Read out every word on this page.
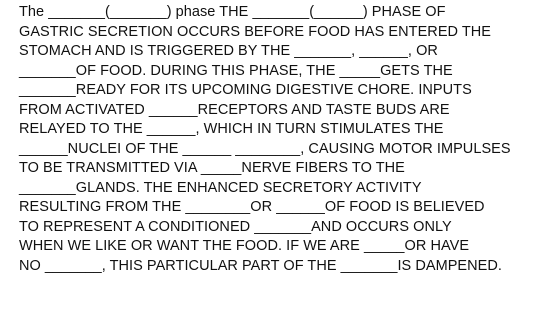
The _______(_______) phase THE _______(______) PHASE OF
GASTRIC SECRETION OCCURS BEFORE FOOD HAS ENTERED THE
STOMACH AND IS TRIGGERED BY THE _______, ______, OR
_______OF FOOD. DURING THIS PHASE, THE _____GETS THE
_______READY FOR ITS UPCOMING DIGESTIVE CHORE. INPUTS
FROM ACTIVATED ______RECEPTORS AND TASTE BUDS ARE
RELAYED TO THE ______, WHICH IN TURN STIMULATES THE
______NUCLEI OF THE ______ ________, CAUSING MOTOR IMPULSES
TO BE TRANSMITTED VIA _____NERVE FIBERS TO THE
_______GLANDS. THE ENHANCED SECRETORY ACTIVITY
RESULTING FROM THE ________OR ______OF FOOD IS BELIEVED
TO REPRESENT A CONDITIONED _______AND OCCURS ONLY
WHEN WE LIKE OR WANT THE FOOD. IF WE ARE _____OR HAVE
NO _______, THIS PARTICULAR PART OF THE _______IS DAMPENED.
